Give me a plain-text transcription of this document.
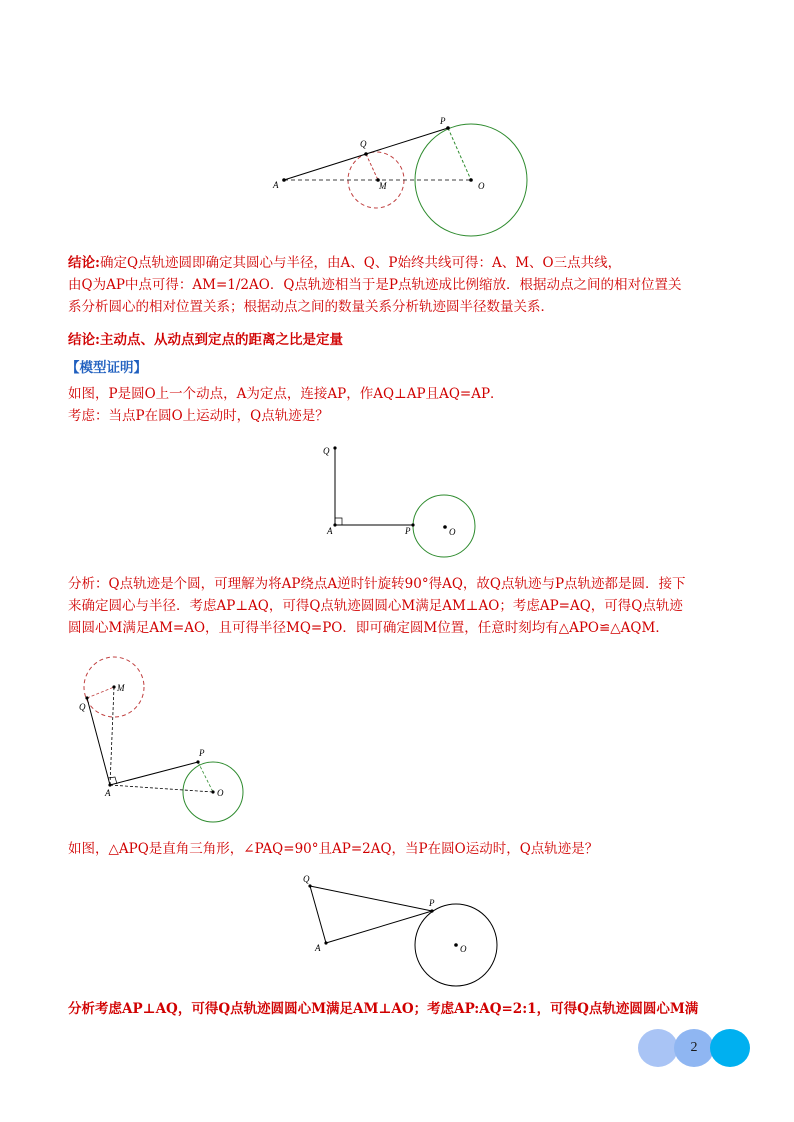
A
Q
M
P
O
结论:确定Q点轨迹圆即确定其圆心与半径，由A、Q、P始终共线可得：A、M、O三点共线，
由Q为AP中点可得：AM=1/2AO．Q点轨迹相当于是P点轨迹成比例缩放．根据动点之间的相对位置关
系分析圆心的相对位置关系；根据动点之间的数量关系分析轨迹圆半径数量关系．
结论:主动点、从动点到定点的距离之比是定量
【模型证明】
如图，P是圆O上一个动点，A为定点，连接AP，作AQ⊥AP且AQ=AP．
考虑：当点P在圆O上运动时，Q点轨迹是？
Q
A	P	O
分析：Q点轨迹是个圆，可理解为将AP绕点A逆时针旋转90°得AQ，故Q点轨迹与P点轨迹都是圆．接下
来确定圆心与半径．考虑AP⊥AQ，可得Q点轨迹圆圆心M满足AM⊥AO；考虑AP=AQ，可得Q点轨迹
圆圆心M满足AM=AO，且可得半径MQ=PO．即可确定圆M位置，任意时刻均有△APO≌△AQM．
M
Q
P
A	O
如图，△APQ是直角三角形，∠PAQ=90°且AP=2AQ，当P在圆O运动时，Q点轨迹是？
Q
P
A	O
分析考虑AP⊥AQ，可得Q点轨迹圆圆心M满足AM⊥AO；考虑AP:AQ=2:1，可得Q点轨迹圆圆心M满
2
